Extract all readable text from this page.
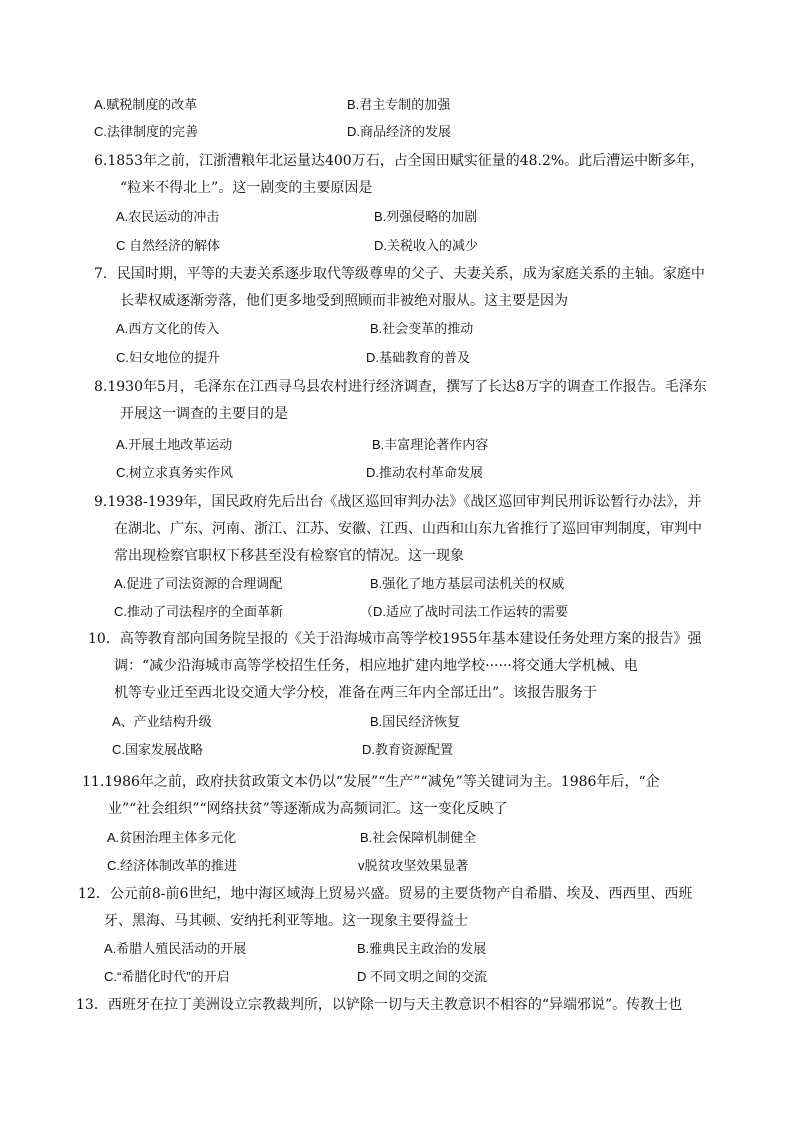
A.赋税制度的改革	B.君主专制的加强
C.法律制度的完善	D.商品经济的发展
6.1853年之前，江浙漕粮年北运量达400万石，占全国田赋实征量的48.2%。此后漕运中断多年，
“粒米不得北上”。这一剧变的主要原因是
A.农民运动的冲击	B.列强侵略的加剧
C 自然经济的解体	D.关税收入的减少
7．民国时期，平等的夫妻关系逐步取代等级尊卑的父子、夫妻关系，成为家庭关系的主轴。家庭中
长辈权威逐渐旁落，他们更多地受到照顾而非被绝对服从。这主要是因为
A.西方文化的传入	B.社会变革的推动
C.妇女地位的提升	D.基础教育的普及
8.1930年5月，毛泽东在江西寻乌县农村进行经济调查，撰写了长达8万字的调查工作报告。毛泽东
开展这一调查的主要目的是
A.开展土地改革运动	B.丰富理论著作内容
C.树立求真务实作风	D.推动农村革命发展
9.1938-1939年，国民政府先后出台《战区巡回审判办法》《战区巡回审判民刑诉讼暂行办法》，并
在湖北、广东、河南、浙江、江苏、安徽、江西、山西和山东九省推行了巡回审判制度，审判中
常出现检察官职权下移甚至没有检察官的情况。这一现象
A.促进了司法资源的合理调配	B.强化了地方基层司法机关的权威
C.推动了司法程序的全面革新	（D.适应了战时司法工作运转的需要
10．高等教育部向国务院呈报的《关于沿海城市高等学校1955年基本建设任务处理方案的报告》强
调：“减少沿海城市高等学校招生任务，相应地扩建内地学校······将交通大学机械、电
机等专业迁至西北设交通大学分校，准备在两三年内全部迁出”。该报告服务于
A、产业结构升级	B.国民经济恢复
C.国家发展战略	D.教育资源配置
11.1986年之前，政府扶贫政策文本仍以“发展”“生产”“减免”等关键词为主。1986年后，“企
业”“社会组织”“网络扶贫”等逐渐成为高频词汇。这一变化反映了
A.贫困治理主体多元化	B.社会保障机制健全
C.经济体制改革的推进	v脱贫攻坚效果显著
12．公元前8-前6世纪，地中海区域海上贸易兴盛。贸易的主要货物产自希腊、埃及、西西里、西班
牙、黑海、马其顿、安纳托利亚等地。这一现象主要得益士
A.希腊人殖民活动的开展	B.雅典民主政治的发展
C.“希腊化时代”的开启	D 不同文明之间的交流
13．西班牙在拉丁美洲设立宗教裁判所，以铲除一切与天主教意识不相容的“异端邪说”。传教士也
